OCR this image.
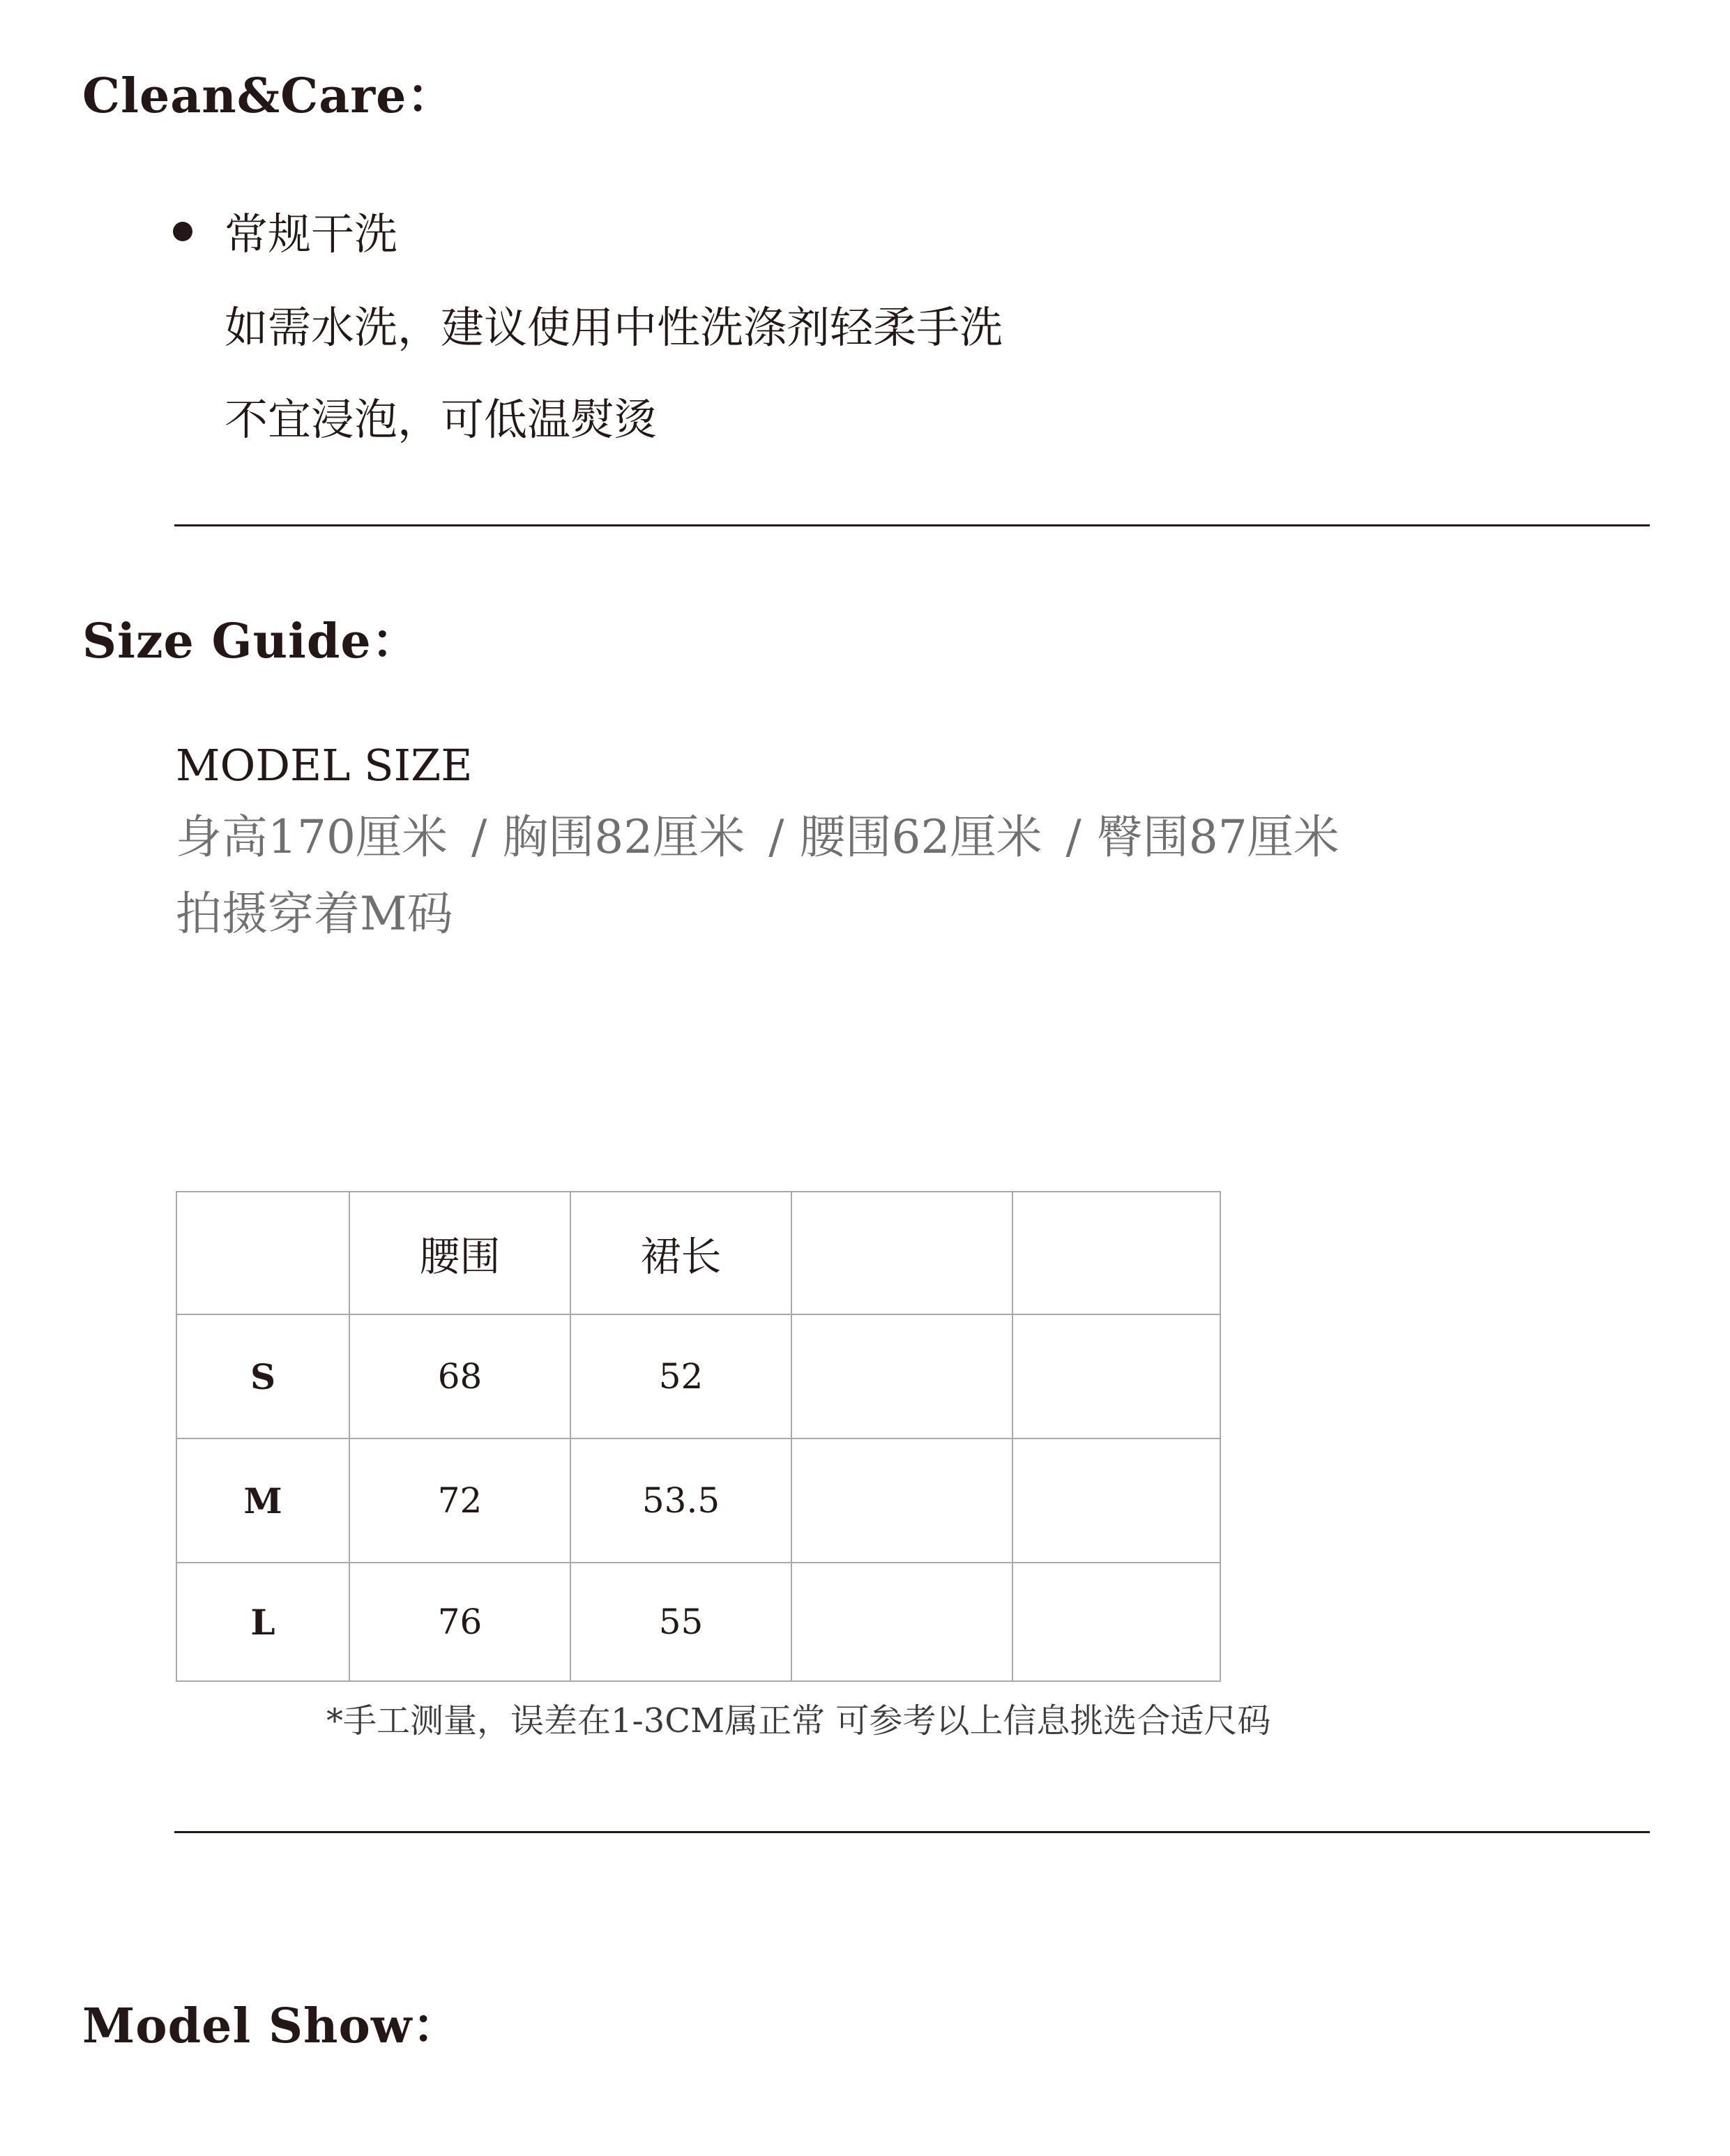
Clean&Care：
常规干洗
如需水洗，建议使用中性洗涤剂轻柔手洗
不宜浸泡，可低温熨烫
Size Guide：
MODEL SIZE
身高170厘米 / 胸围82厘米 / 腰围62厘米 / 臀围87厘米
拍摄穿着M码
	腰围	裙长		
S	68	52		
M	72	53.5		
L	76	55		
*手工测量，误差在1-3CM属正常 可参考以上信息挑选合适尺码
Model Show：
